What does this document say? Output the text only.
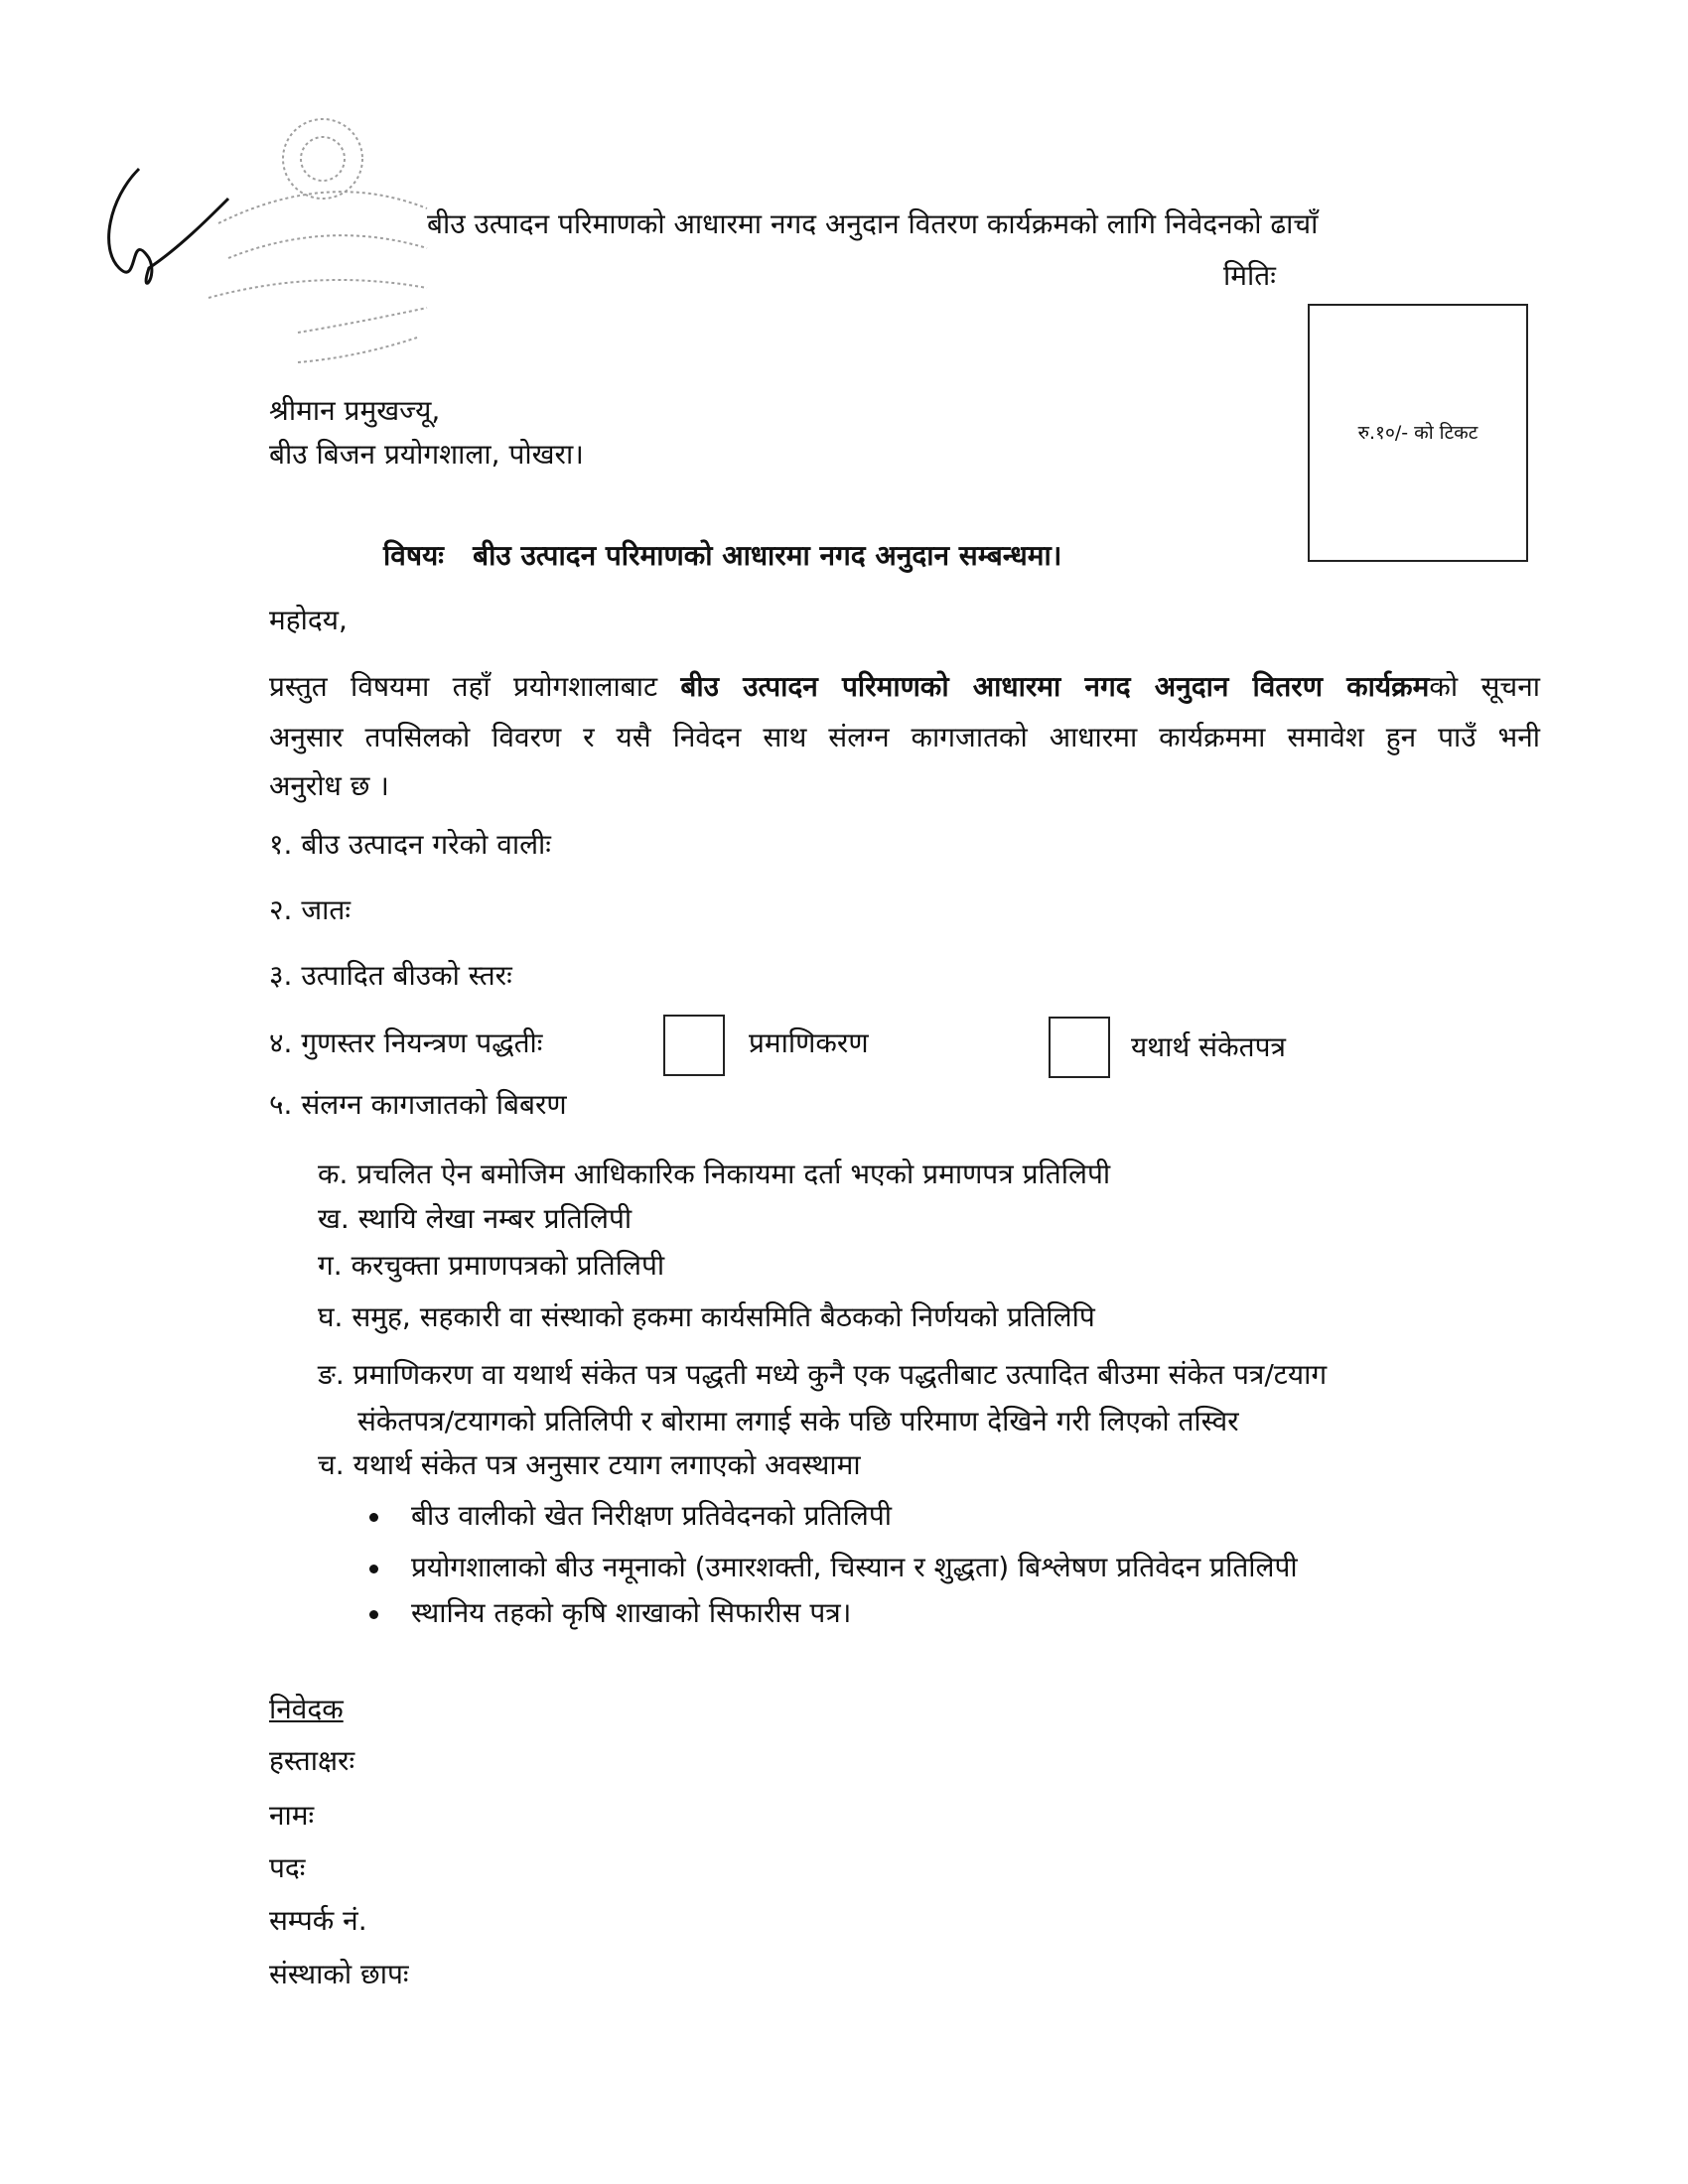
बीउ उत्पादन परिमाणको आधारमा नगद अनुदान वितरण कार्यक्रमको लागि निवेदनको ढाचाँ
मितिः
रु.१०/- को टिकट
श्रीमान प्रमुखज्यू,
बीउ बिजन प्रयोगशाला, पोखरा।
विषयः बीउ उत्पादन परिमाणको आधारमा नगद अनुदान सम्बन्धमा।
महोदय,
प्रस्तुत विषयमा तहाँ प्रयोगशालाबाट बीउ उत्पादन परिमाणको आधारमा नगद अनुदान वितरण कार्यक्रमको सूचना
अनुसार तपसिलको विवरण र यसै निवेदन साथ संलग्न कागजातको आधारमा कार्यक्रममा समावेश हुन पाउँ भनी
अनुरोध छ ।
१. बीउ उत्पादन गरेको वालीः
२. जातः
३. उत्पादित बीउको स्तरः
४. गुणस्तर नियन्त्रण पद्धतीः	प्रमाणिकरण	यथार्थ संकेतपत्र
५. संलग्न कागजातको बिबरण
क. प्रचलित ऐन बमोजिम आधिकारिक निकायमा दर्ता भएको प्रमाणपत्र प्रतिलिपी
ख. स्थायि लेखा नम्बर प्रतिलिपी
ग. करचुक्ता प्रमाणपत्रको प्रतिलिपी
घ. समुह, सहकारी वा संस्थाको हकमा कार्यसमिति बैठकको निर्णयको प्रतिलिपि
ङ. प्रमाणिकरण वा यथार्थ संकेत पत्र पद्धती मध्ये कुनै एक पद्धतीबाट उत्पादित बीउमा संकेत पत्र/टयाग
संकेतपत्र/टयागको प्रतिलिपी र बोरामा लगाई सके पछि परिमाण देखिने गरी लिएको तस्विर
च. यथार्थ संकेत पत्र अनुसार टयाग लगाएको अवस्थामा
बीउ वालीको खेत निरीक्षण प्रतिवेदनको प्रतिलिपी
प्रयोगशालाको बीउ नमूनाको (उमारशक्ती, चिस्यान र शुद्धता) बिश्लेषण प्रतिवेदन प्रतिलिपी
स्थानिय तहको कृषि शाखाको सिफारीस पत्र।
निवेदक
हस्ताक्षरः
नामः
पदः
सम्पर्क नं.
संस्थाको छापः
